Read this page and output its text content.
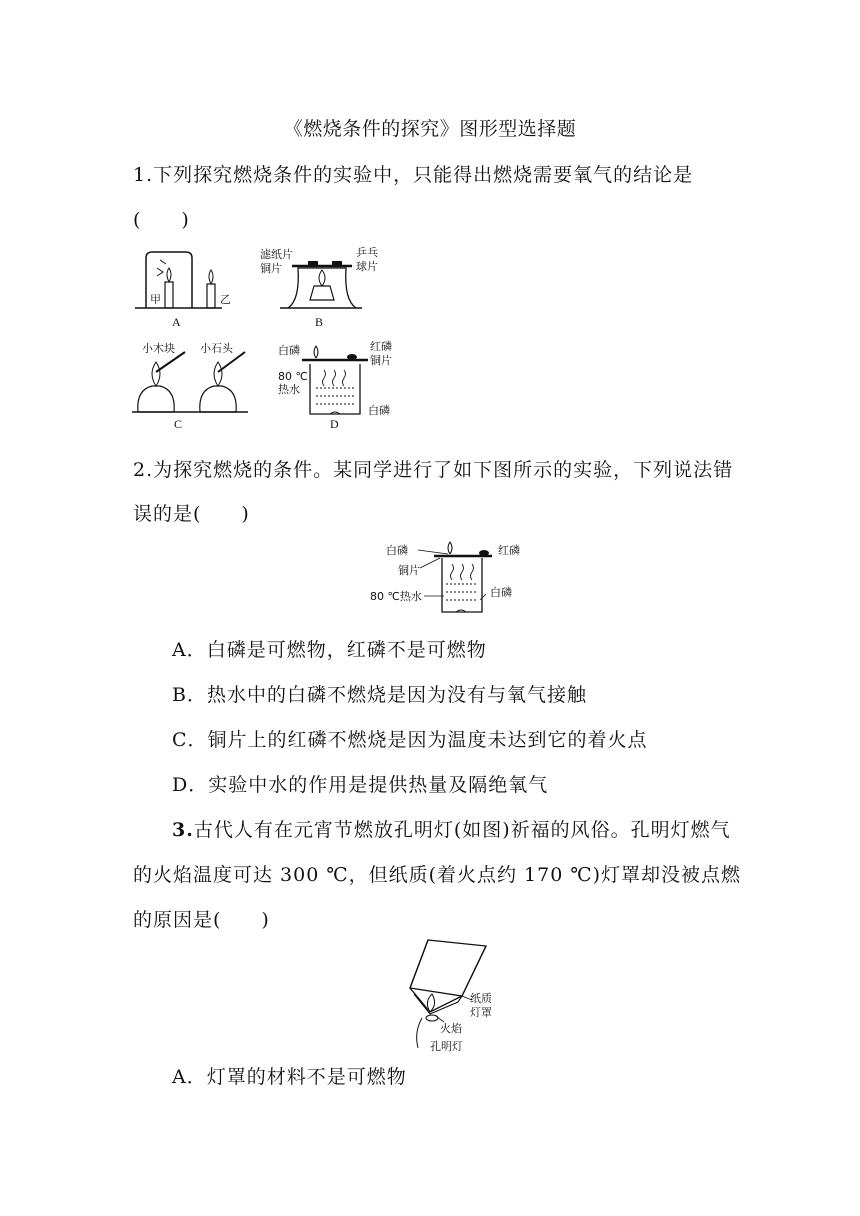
《燃烧条件的探究》图形型选择题
1.下列探究燃烧条件的实验中，只能得出燃烧需要氧气的结论是
(　　)
甲	乙
A
滤纸片
铜片
乒乓
球片
B
小木块 小石头
C
白磷	红磷
铜片
80 ℃
热水
白磷
D
2.为探究燃烧的条件。某同学进行了如下图所示的实验，下列说法错
误的是(　　)
白磷	红磷
铜片
80 ℃热水	白磷
A．白磷是可燃物，红磷不是可燃物
B．热水中的白磷不燃烧是因为没有与氧气接触
C．铜片上的红磷不燃烧是因为温度未达到它的着火点
D．实验中水的作用是提供热量及隔绝氧气
3.古代人有在元宵节燃放孔明灯(如图)祈福的风俗。孔明灯燃气
的火焰温度可达 300 ℃，但纸质(着火点约 170 ℃)灯罩却没被点燃
的原因是(　　)
纸质
灯罩
火焰
孔明灯
A．灯罩的材料不是可燃物
